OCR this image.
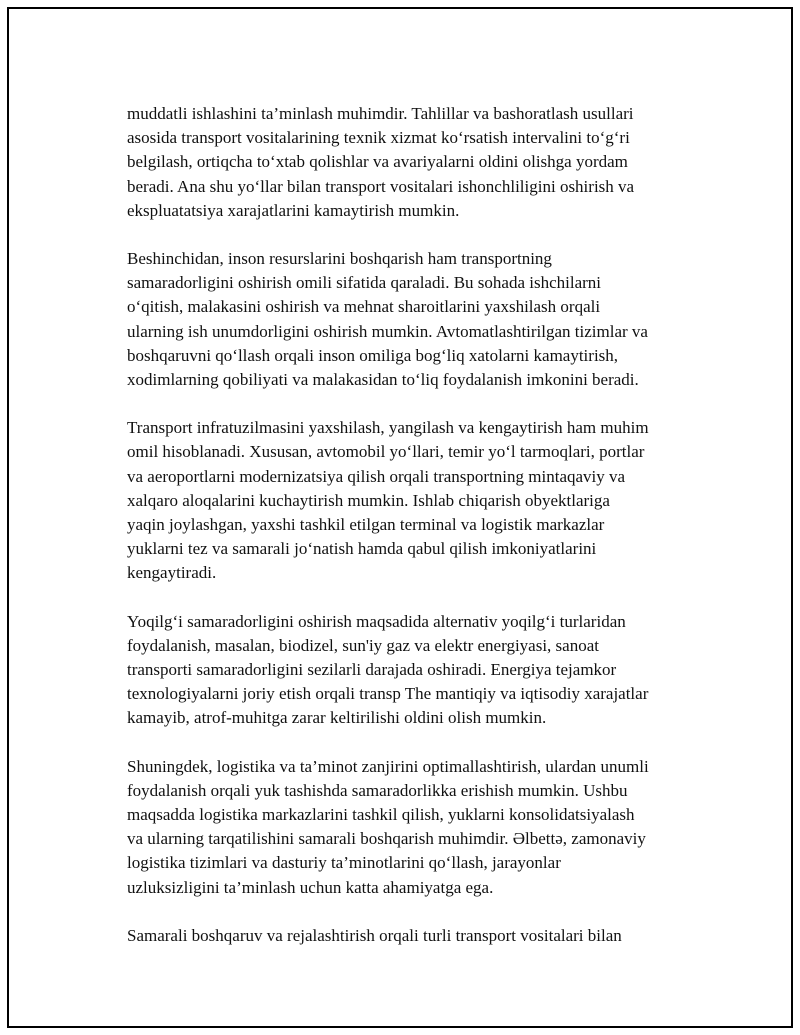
muddatli ishlashini ta’minlash muhimdir. Tahlillar va bashoratlash usullari
asosida transport vositalarining texnik xizmat ko‘rsatish intervalini to‘g‘ri
belgilash, ortiqcha to‘xtab qolishlar va avariyalarni oldini olishga yordam
beradi. Ana shu yo‘llar bilan transport vositalari ishonchliligini oshirish va
ekspluatatsiya xarajatlarini kamaytirish mumkin.

Beshinchidan, inson resurslarini boshqarish ham transportning
samaradorligini oshirish omili sifatida qaraladi. Bu sohada ishchilarni
o‘qitish, malakasini oshirish va mehnat sharoitlarini yaxshilash orqali
ularning ish unumdorligini oshirish mumkin. Avtomatlashtirilgan tizimlar va
boshqaruvni qo‘llash orqali inson omiliga bog‘liq xatolarni kamaytirish,
xodimlarning qobiliyati va malakasidan to‘liq foydalanish imkonini beradi.

Transport infratuzilmasini yaxshilash, yangilash va kengaytirish ham muhim
omil hisoblanadi. Xususan, avtomobil yo‘llari, temir yo‘l tarmoqlari, portlar
va aeroportlarni modernizatsiya qilish orqali transportning mintaqaviy va
xalqaro aloqalarini kuchaytirish mumkin. Ishlab chiqarish obyektlariga
yaqin joylashgan, yaxshi tashkil etilgan terminal va logistik markazlar
yuklarni tez va samarali jo‘natish hamda qabul qilish imkoniyatlarini
kengaytiradi.

Yoqilg‘i samaradorligini oshirish maqsadida alternativ yoqilg‘i turlaridan
foydalanish, masalan, biodizel, sun'iy gaz va elektr energiyasi, sanoat
transporti samaradorligini sezilarli darajada oshiradi. Energiya tejamkor
texnologiyalarni joriy etish orqali transp The mantiqiy va iqtisodiy xarajatlar
kamayib, atrof-muhitga zarar keltirilishi oldini olish mumkin.

Shuningdek, logistika va ta’minot zanjirini optimallashtirish, ulardan unumli
foydalanish orqali yuk tashishda samaradorlikka erishish mumkin. Ushbu
maqsadda logistika markazlarini tashkil qilish, yuklarni konsolidatsiyalash
va ularning tarqatilishini samarali boshqarish muhimdir. Əlbettə, zamonaviy
logistika tizimlari va dasturiy ta’minotlarini qo‘llash, jarayonlar
uzluksizligini ta’minlash uchun katta ahamiyatga ega.

Samarali boshqaruv va rejalashtirish orqali turli transport vositalari bilan
